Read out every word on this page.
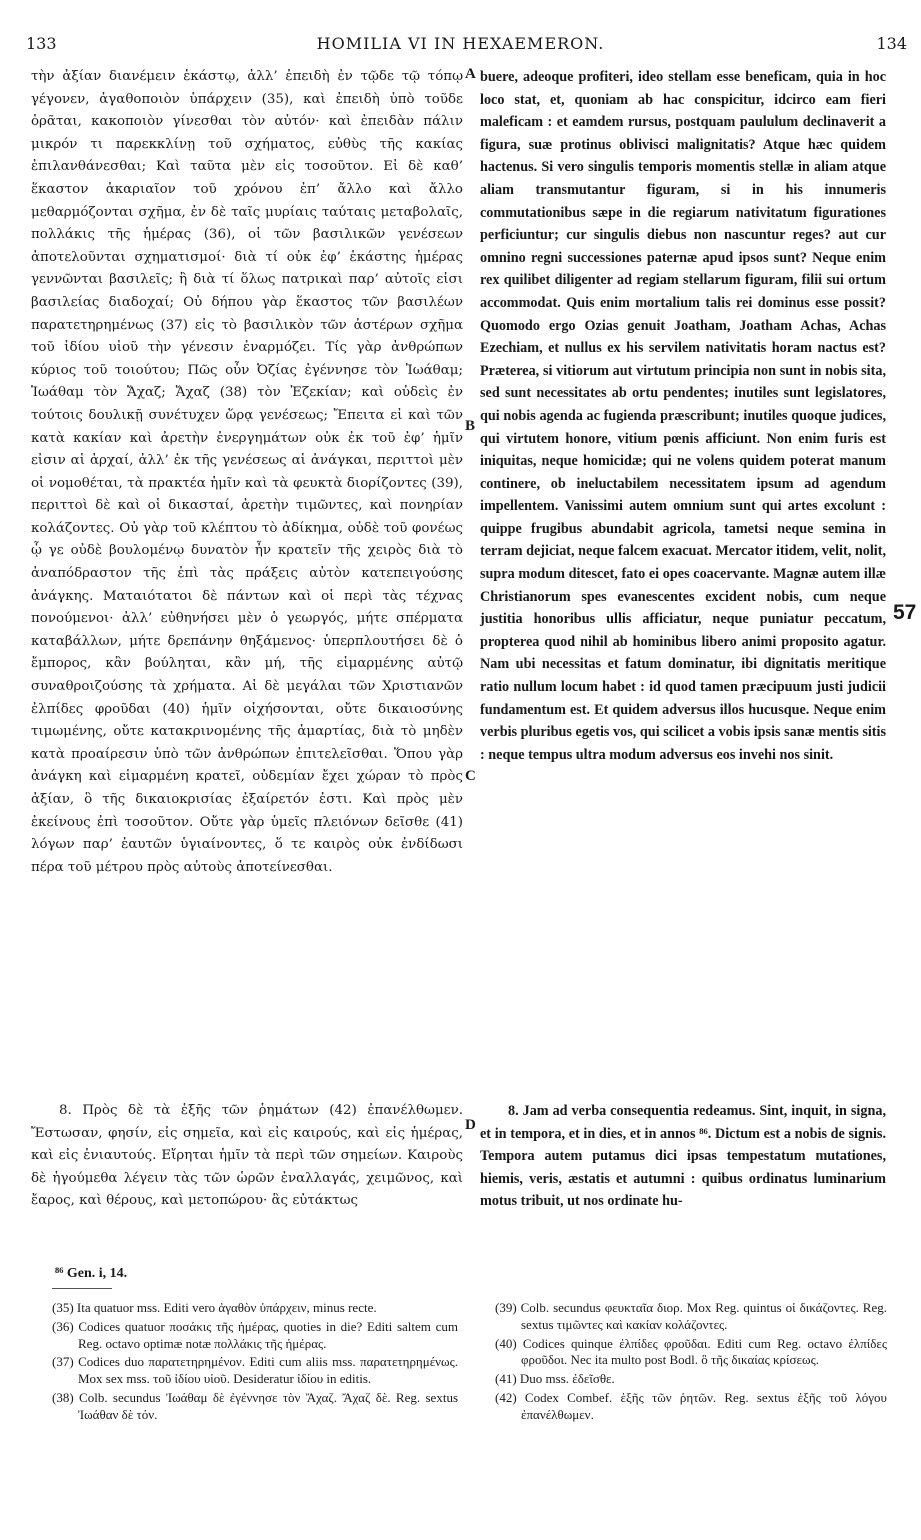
133	HOMILIA VI IN HEXAEMERON.	134

τὴν ἀξίαν διανέμειν ἑκάστῳ, ἀλλ’ ἐπειδὴ ἐν τῷδε τῷ τόπῳ γέγονεν, ἀγαθοποιὸν ὑπάρχειν (35), καὶ ἐπειδὴ ὑπὸ τοῦδε ὁρᾶται, κακοποιὸν γίνεσθαι τὸν αὐτόν· καὶ ἐπειδὰν πάλιν μικρόν τι παρεκκλίνῃ τοῦ σχήματος, εὐθὺς τῆς κακίας ἐπιλανθάνεσθαι; Καὶ ταῦτα μὲν εἰς τοσοῦτον. Εἰ δὲ καθ’ ἕκαστον ἀκαριαῖον τοῦ χρόνου ἐπ’ ἄλλο καὶ ἄλλο μεθαρμόζονται σχῆμα, ἐν δὲ ταῖς μυρίαις ταύταις μεταβολαῖς, πολλάκις τῆς ἡμέρας (36), οἱ τῶν βασιλικῶν γενέσεων ἀποτελοῦνται σχηματισμοί· διὰ τί οὐκ ἐφ’ ἑκάστης ἡμέρας γεννῶνται βασιλεῖς; ἢ διὰ τί ὅλως πατρικαὶ παρ’ αὐτοῖς εἰσι βασιλείας διαδοχαί; Οὐ δήπου γὰρ ἕκαστος τῶν βασιλέων παρατετηρημένως (37) εἰς τὸ βασιλικὸν τῶν ἀστέρων σχῆμα τοῦ ἰδίου υἱοῦ τὴν γένεσιν ἐναρμόζει. Τίς γὰρ ἀνθρώπων κύριος τοῦ τοιούτου; Πῶς οὖν Ὀζίας ἐγέννησε τὸν Ἰωάθαμ; Ἰωάθαμ τὸν Ἄχαζ; Ἄχαζ (38) τὸν Ἐζεκίαν; καὶ οὐδεὶς ἐν τούτοις δουλικῇ συνέτυχεν ὥρᾳ γενέσεως; Ἔπειτα εἰ καὶ τῶν κατὰ κακίαν καὶ ἀρετὴν ἐνεργημάτων οὐκ ἐκ τοῦ ἐφ’ ἡμῖν εἰσιν αἱ ἀρχαί, ἀλλ’ ἐκ τῆς γενέσεως αἱ ἀνάγκαι, περιττοὶ μὲν οἱ νομοθέται, τὰ πρακτέα ἡμῖν καὶ τὰ φευκτὰ διορίζοντες (39), περιττοὶ δὲ καὶ οἱ δικασταί, ἀρετὴν τιμῶντες, καὶ πονηρίαν κολάζοντες. Οὐ γὰρ τοῦ κλέπτου τὸ ἀδίκημα, οὐδὲ τοῦ φονέως ᾧ γε οὐδὲ βουλομένῳ δυνατὸν ἦν κρατεῖν τῆς χειρὸς διὰ τὸ ἀναπόδραστον τῆς ἐπὶ τὰς πράξεις αὐτὸν κατεπειγούσης ἀνάγκης. Ματαιότατοι δὲ πάντων καὶ οἱ περὶ τὰς τέχνας πονούμενοι· ἀλλ’ εὐθηνήσει μὲν ὁ γεωργός, μήτε σπέρματα καταβάλλων, μήτε δρεπάνην θηξάμενος· ὑπερπλουτήσει δὲ ὁ ἔμπορος, κἂν βούληται, κἂν μή, τῆς εἱμαρμένης αὐτῷ συναθροιζούσης τὰ χρήματα. Αἱ δὲ μεγάλαι τῶν Χριστιανῶν ἐλπίδες φροῦδαι (40) ἡμῖν οἰχήσονται, οὔτε δικαιοσύνης τιμωμένης, οὔτε κατακρινομένης τῆς ἁμαρτίας, διὰ τὸ μηδὲν κατὰ προαίρεσιν ὑπὸ τῶν ἀνθρώπων ἐπιτελεῖσθαι. Ὅπου γὰρ ἀνάγκη καὶ εἱμαρμένη κρατεῖ, οὐδεμίαν ἔχει χώραν τὸ πρὸς ἀξίαν, ὃ τῆς δικαιοκρισίας ἐξαίρετόν ἐστι. Καὶ πρὸς μὲν ἐκείνους ἐπὶ τοσοῦτον. Οὔτε γὰρ ὑμεῖς πλειόνων δεῖσθε (41) λόγων παρ’ ἑαυτῶν ὑγιαίνοντες, ὅ τε καιρὸς οὐκ ἐνδίδωσι πέρα τοῦ μέτρου πρὸς αὐτοὺς ἀποτείνεσθαι.

buere, adeoque profiteri, ideo stellam esse beneficam, quia in hoc loco stat, et, quoniam ab hac conspicitur, idcirco eam fieri maleficam : et eamdem rursus, postquam paululum declinaverit a figura, suæ protinus oblivisci malignitatis? Atque hæc quidem hactenus. Si vero singulis temporis momentis stellæ in aliam atque aliam transmutantur figuram, si in his innumeris commutationibus sæpe in die regiarum nativitatum figurationes perficiuntur; cur singulis diebus non nascuntur reges? aut cur omnino regni successiones paternæ apud ipsos sunt? Neque enim rex quilibet diligenter ad regiam stellarum figuram, filii sui ortum accommodat. Quis enim mortalium talis rei dominus esse possit? Quomodo ergo Ozias genuit Joatham, Joatham Achas, Achas Ezechiam, et nullus ex his servilem nativitatis horam nactus est? Præterea, si vitiorum aut virtutum principia non sunt in nobis sita, sed sunt necessitates ab ortu pendentes; inutiles sunt legislatores, qui nobis agenda ac fugienda præscribunt; inutiles quoque judices, qui virtutem honore, vitium pœnis afficiunt. Non enim furis est iniquitas, neque homicidæ; qui ne volens quidem poterat manum continere, ob ineluctabilem necessitatem ipsum ad agendum impellentem. Vanissimi autem omnium sunt qui artes excolunt : quippe frugibus abundabit agricola, tametsi neque semina in terram dejiciat, neque falcem exacuat. Mercator itidem, velit, nolit, supra modum ditescet, fato ei opes coacervante. Magnæ autem illæ Christianorum spes evanescentes excident nobis, cum neque justitia honoribus ullis afficiatur, neque puniatur peccatum, propterea quod nihil ab hominibus libero animi proposito agatur. Nam ubi necessitas et fatum dominatur, ibi dignitatis meritique ratio nullum locum habet : id quod tamen præcipuum justi judicii fundamentum est. Et quidem adversus illos hucusque. Neque enim verbis pluribus egetis vos, qui scilicet a vobis ipsis sanæ mentis sitis : neque tempus ultra modum adversus eos invehi nos sinit.

A
B
C
D
57

8. Πρὸς δὲ τὰ ἑξῆς τῶν ῥημάτων (42) ἐπανέλθωμεν. Ἔστωσαν, φησίν, εἰς σημεῖα, καὶ εἰς καιρούς, καὶ εἰς ἡμέρας, καὶ εἰς ἐνιαυτούς. Εἴρηται ἡμῖν τὰ περὶ τῶν σημείων. Καιροὺς δὲ ἡγούμεθα λέγειν τὰς τῶν ὡρῶν ἐναλλαγάς, χειμῶνος, καὶ ἔαρος, καὶ θέρους, καὶ μετοπώρου· ἃς εὐτάκτως

8. Jam ad verba consequentia redeamus. Sint, inquit, in signa, et in tempora, et in dies, et in annos ⁸⁶. Dictum est a nobis de signis. Tempora autem putamus dici ipsas tempestatum mutationes, hiemis, veris, æstatis et autumni : quibus ordinatus luminarium motus tribuit, ut nos ordinate hu-

⁸⁶ Gen. i, 14.

(35) Ita quatuor mss. Editi vero ἀγαθὸν ὑπάρχειν, minus recte.

(36) Codices quatuor ποσάκις τῆς ἡμέρας, quoties in die? Editi saltem cum Reg. octavo optimæ notæ πολλάκις τῆς ἡμέρας.

(37) Codices duo παρατετηρημένον. Editi cum aliis mss. παρατετηρημένως. Mox sex mss. τοῦ ἰδίου υἱοῦ. Desideratur ἰδίου in editis.

(38) Colb. secundus Ἰωάθαμ δὲ ἐγέννησε τὸν Ἄχαζ. Ἄχαζ δὲ. Reg. sextus Ἰωάθαν δὲ τόν.

(39) Colb. secundus φευκταῖα διορ. Mox Reg. quintus οἱ δικάζοντες. Reg. sextus τιμῶντες καὶ κακίαν κολάζοντες.

(40) Codices quinque ἐλπίδες φροῦδαι. Editi cum Reg. octavo ἐλπίδες φροῦδοι. Nec ita multo post Bodl. ὃ τῆς δικαίας κρίσεως.

(41) Duo mss. ἐδεῖσθε.

(42) Codex Combef. ἑξῆς τῶν ῥητῶν. Reg. sextus ἑξῆς τοῦ λόγου ἐπανέλθωμεν.
